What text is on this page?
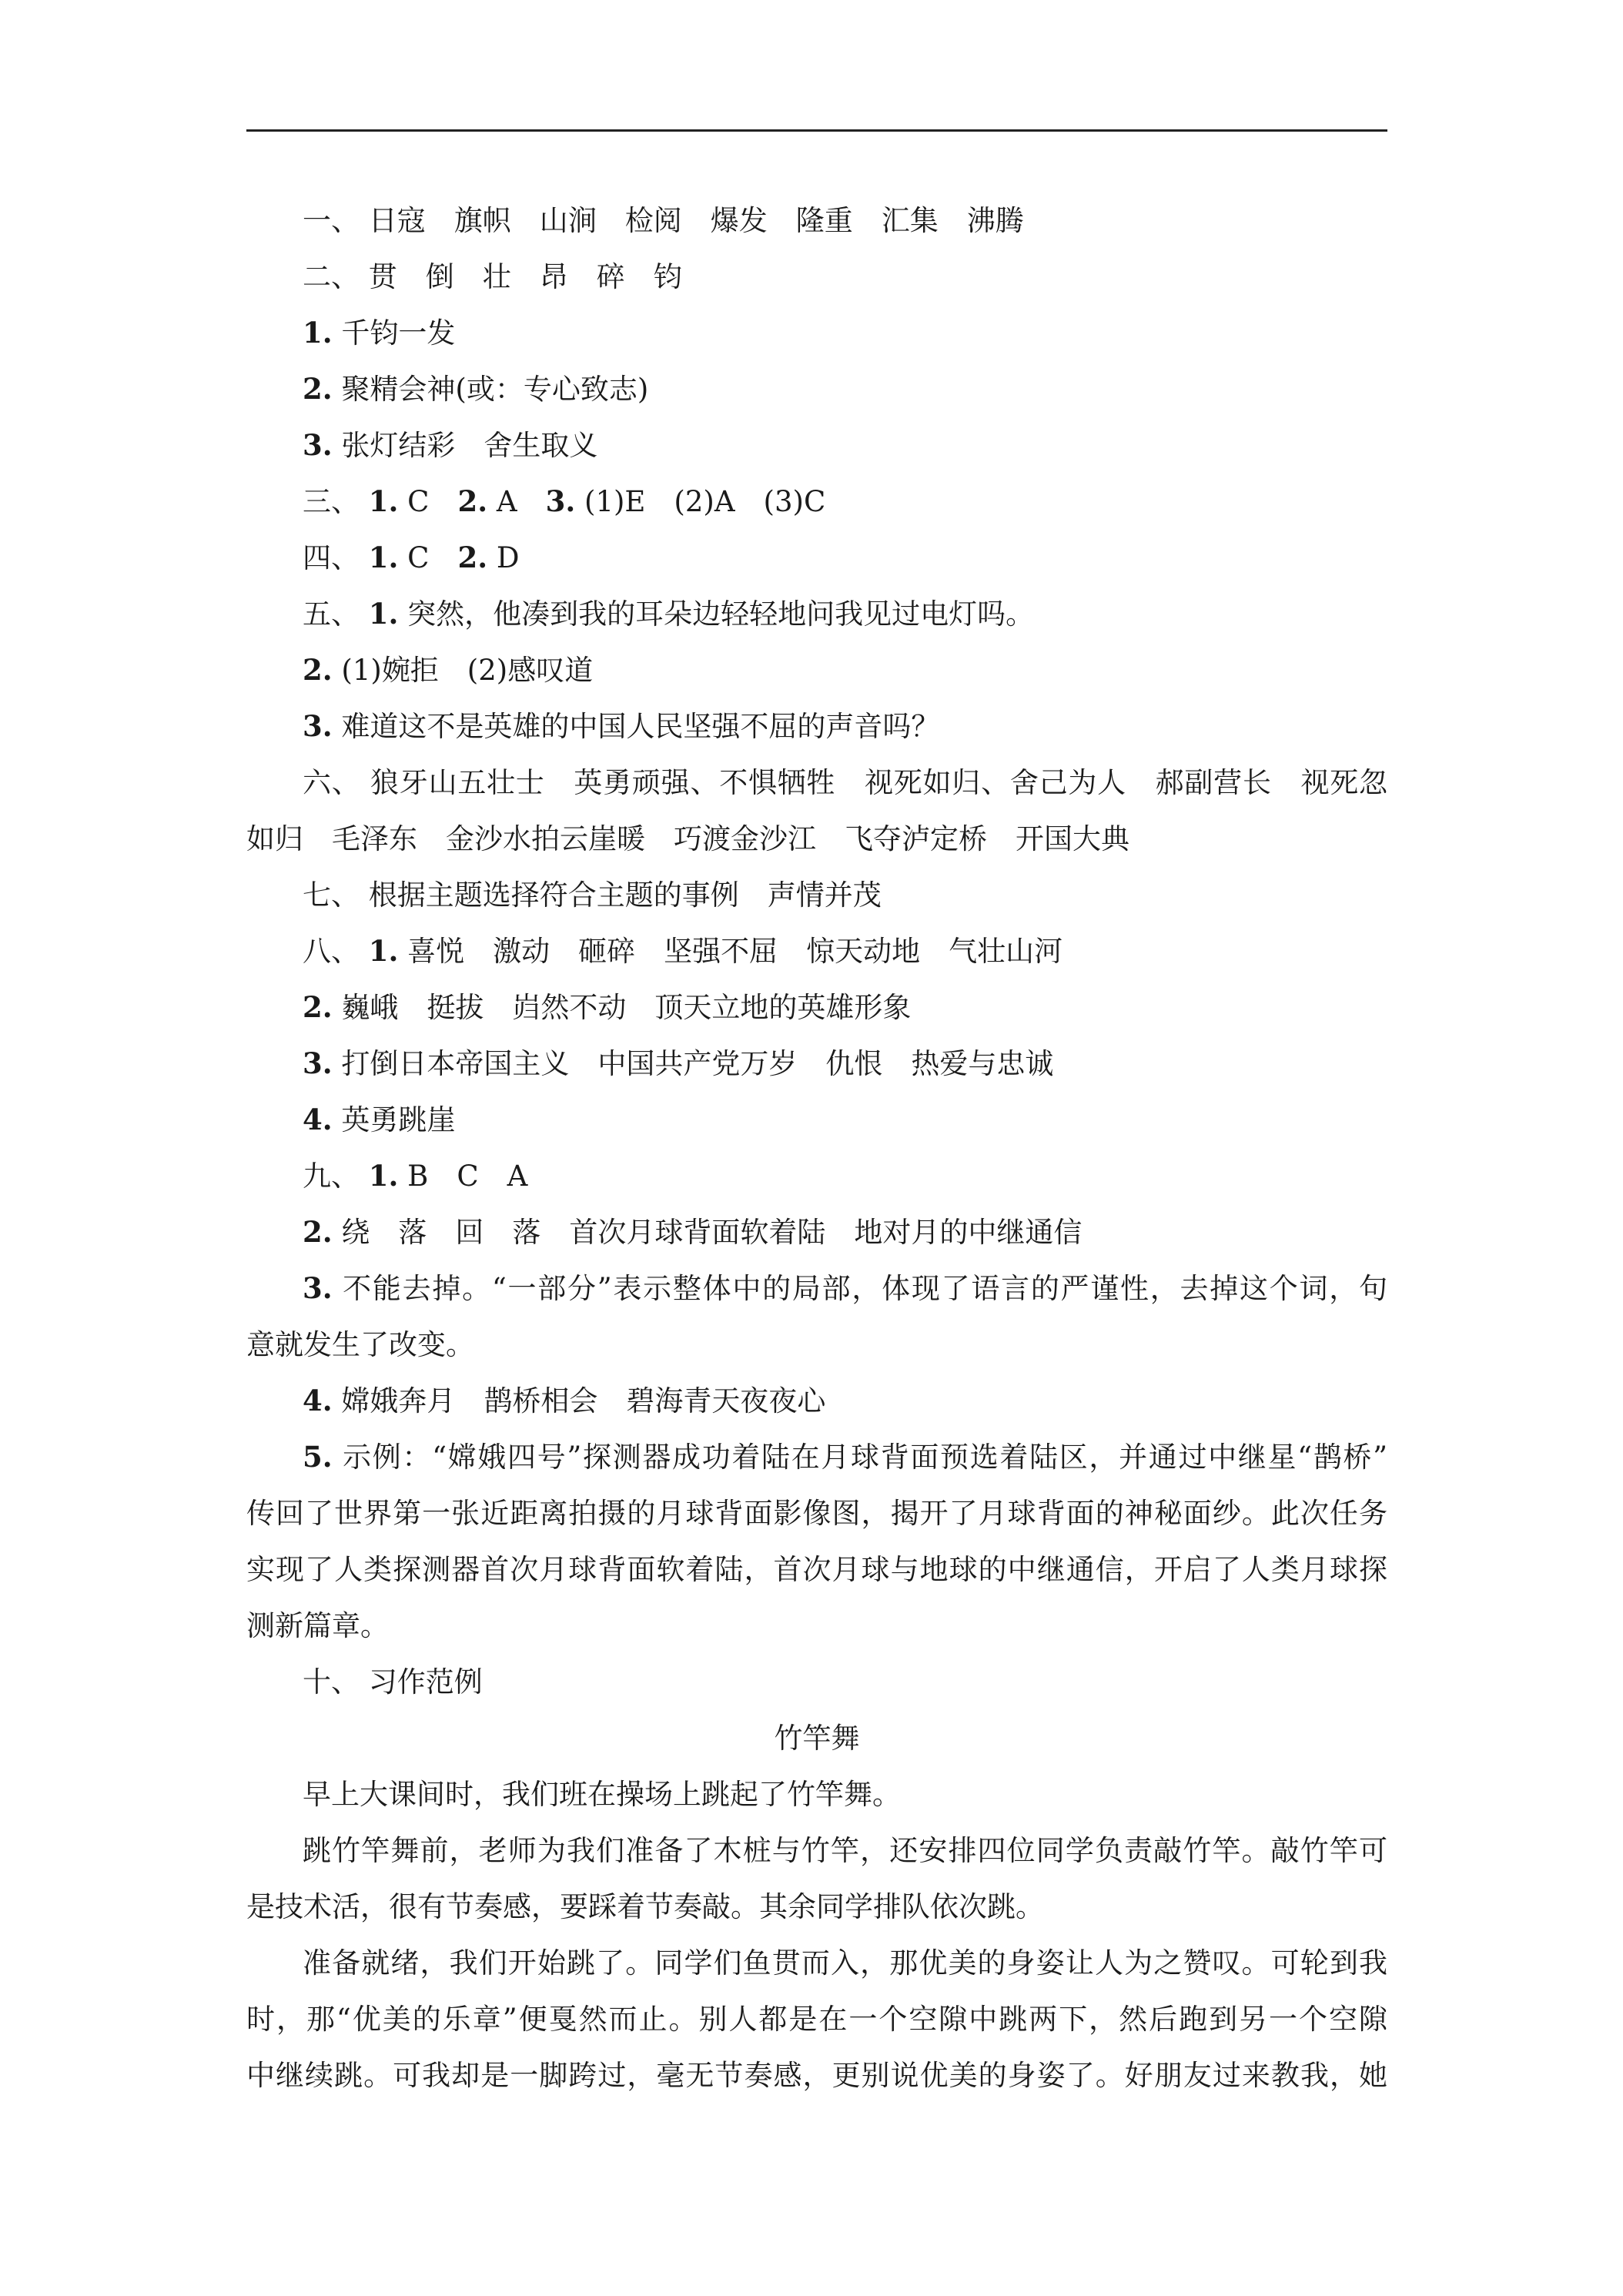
一、 日寇　旗帜　山涧　检阅　爆发　隆重　汇集　沸腾
二、 贯　倒　壮　昂　碎　钧
1. 千钧一发
2. 聚精会神(或：专心致志)
3. 张灯结彩　舍生取义
三、 1. C　2. A　3. (1)E　(2)A　(3)C
四、 1. C　2. D
五、 1. 突然，他凑到我的耳朵边轻轻地问我见过电灯吗。
2. (1)婉拒　(2)感叹道
3. 难道这不是英雄的中国人民坚强不屈的声音吗？
六、 狼牙山五壮士　英勇顽强、不惧牺牲　视死如归、舍己为人　郝副营长　视死忽
如归　毛泽东　金沙水拍云崖暖　巧渡金沙江　飞夺泸定桥　开国大典
七、 根据主题选择符合主题的事例　声情并茂
八、 1. 喜悦　激动　砸碎　坚强不屈　惊天动地　气壮山河
2. 巍峨　挺拔　岿然不动　顶天立地的英雄形象
3. 打倒日本帝国主义　中国共产党万岁　仇恨　热爱与忠诚
4. 英勇跳崖
九、 1. B　C　A
2. 绕　落　回　落　首次月球背面软着陆　地对月的中继通信
3. 不能去掉。“一部分”表示整体中的局部，体现了语言的严谨性，去掉这个词，句
意就发生了改变。
4. 嫦娥奔月　鹊桥相会　碧海青天夜夜心
5. 示例：“嫦娥四号”探测器成功着陆在月球背面预选着陆区，并通过中继星“鹊桥”
传回了世界第一张近距离拍摄的月球背面影像图，揭开了月球背面的神秘面纱。此次任务
实现了人类探测器首次月球背面软着陆，首次月球与地球的中继通信，开启了人类月球探
测新篇章。
十、 习作范例
竹竿舞
早上大课间时，我们班在操场上跳起了竹竿舞。
跳竹竿舞前，老师为我们准备了木桩与竹竿，还安排四位同学负责敲竹竿。敲竹竿可
是技术活，很有节奏感，要踩着节奏敲。其余同学排队依次跳。
准备就绪，我们开始跳了。同学们鱼贯而入，那优美的身姿让人为之赞叹。可轮到我
时，那“优美的乐章”便戛然而止。别人都是在一个空隙中跳两下，然后跑到另一个空隙
中继续跳。可我却是一脚跨过，毫无节奏感，更别说优美的身姿了。好朋友过来教我，她
